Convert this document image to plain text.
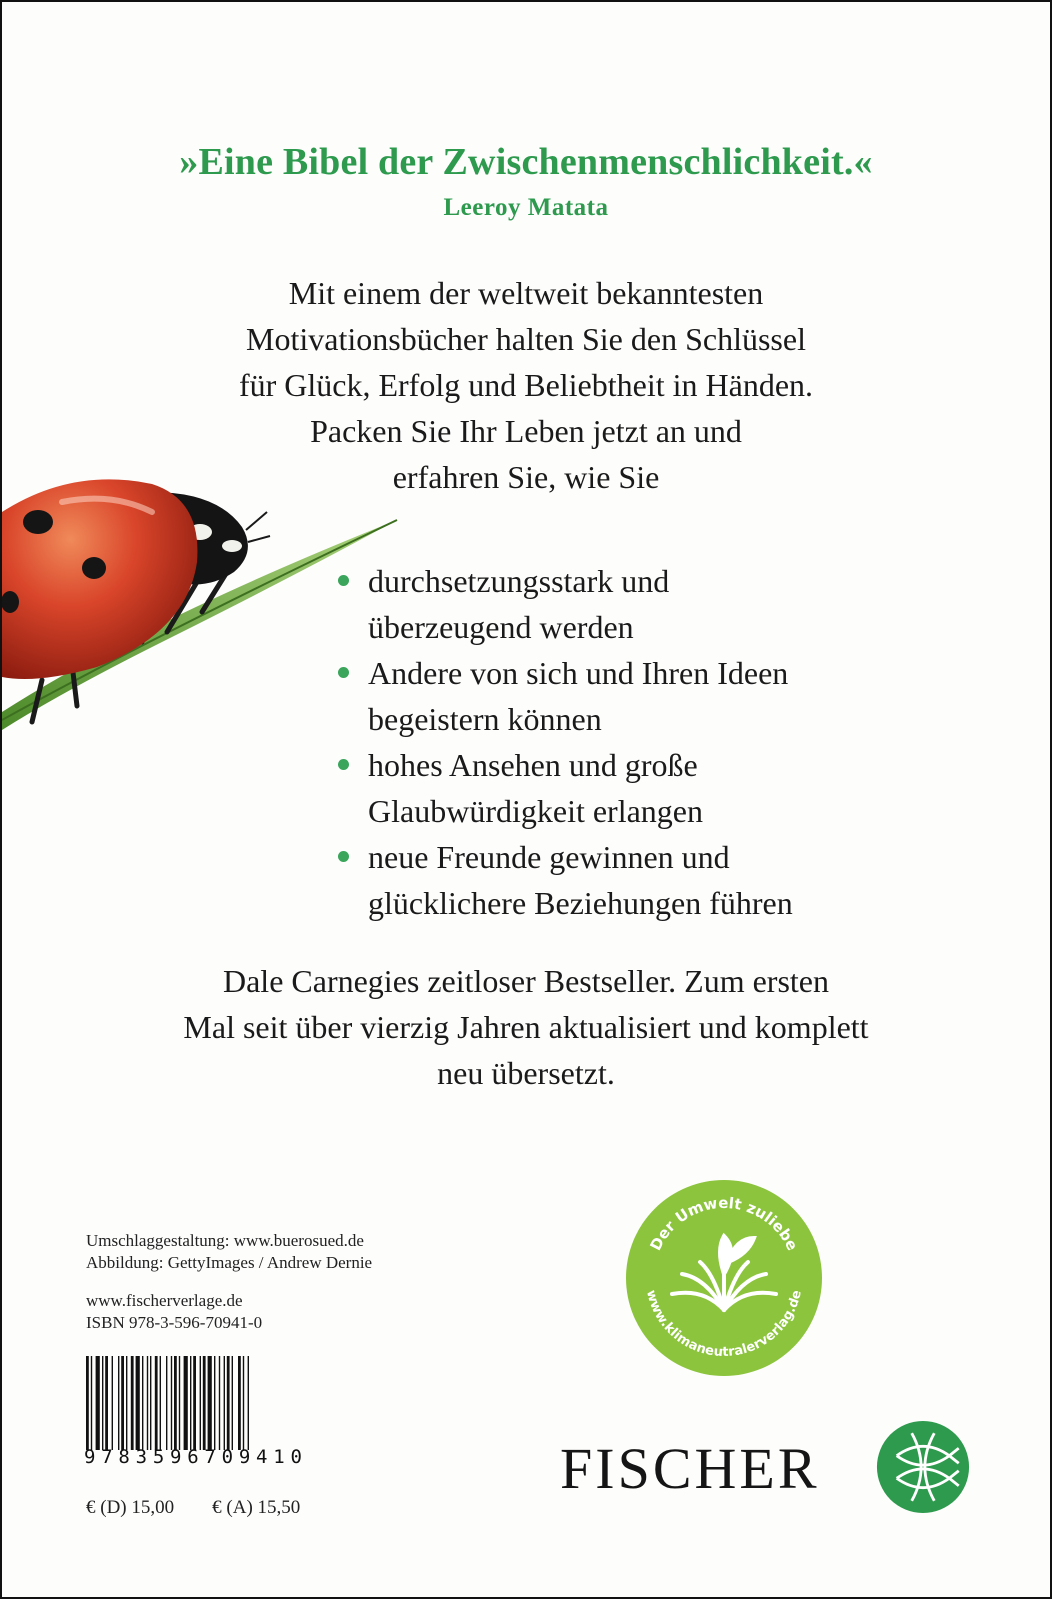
»Eine Bibel der Zwischenmenschlichkeit.«
Leeroy Matata
Mit einem der weltweit bekanntesten
Motivationsbücher halten Sie den Schlüssel
für Glück, Erfolg und Beliebtheit in Händen.
Packen Sie Ihr Leben jetzt an und
erfahren Sie, wie Sie
durchsetzungsstark und
überzeugend werden
Andere von sich und Ihren Ideen
begeistern können
hohes Ansehen und große
Glaubwürdigkeit erlangen
neue Freunde gewinnen und
glücklichere Beziehungen führen
Dale Carnegies zeitloser Bestseller. Zum ersten
Mal seit über vierzig Jahren aktualisiert und komplett
neu übersetzt.
Umschlaggestaltung: www.buerosued.de
Abbildung: GettyImages / Andrew Dernie
www.fischerverlage.de
ISBN 978-3-596-70941-0
9 7 8 3 5 9 6 7 0 9 4 1 0
€ (D) 15,00 € (A) 15,50
Der Umwelt zuliebe
www.klimaneutralerverlag.de
FISCHER
